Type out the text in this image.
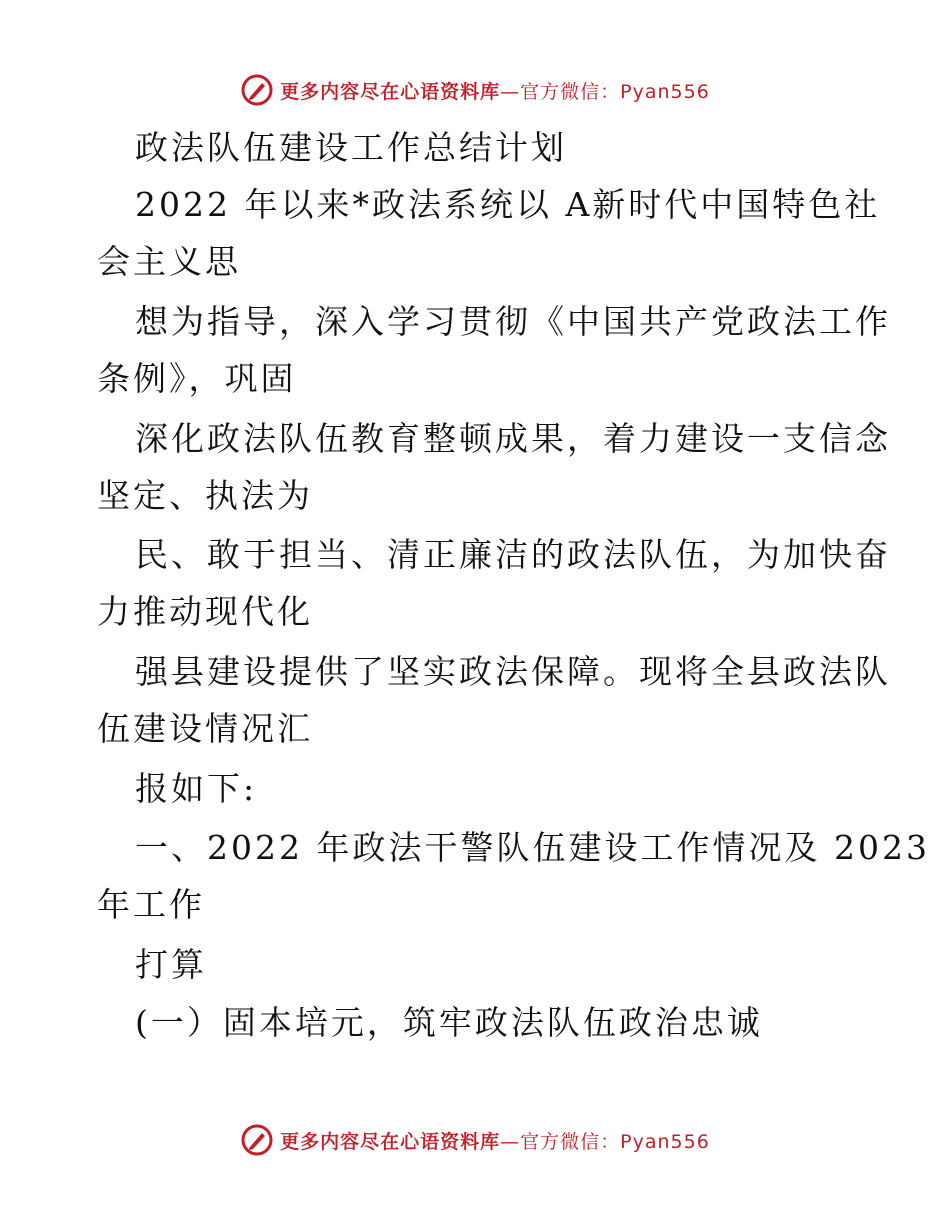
更多内容尽在心语资料库—官方微信：Pyan556
政法队伍建设工作总结计划
2022 年以来*政法系统以 A新时代中国特色社
会主义思
想为指导，深入学习贯彻《中国共产党政法工作
条例》，巩固
深化政法队伍教育整顿成果，着力建设一支信念
坚定、执法为
民、敢于担当、清正廉洁的政法队伍，为加快奋
力推动现代化
强县建设提供了坚实政法保障。现将全县政法队
伍建设情况汇
报如下:
一、2022 年政法干警队伍建设工作情况及 2023
年工作
打算
(一）固本培元，筑牢政法队伍政治忠诚
更多内容尽在心语资料库—官方微信：Pyan556
